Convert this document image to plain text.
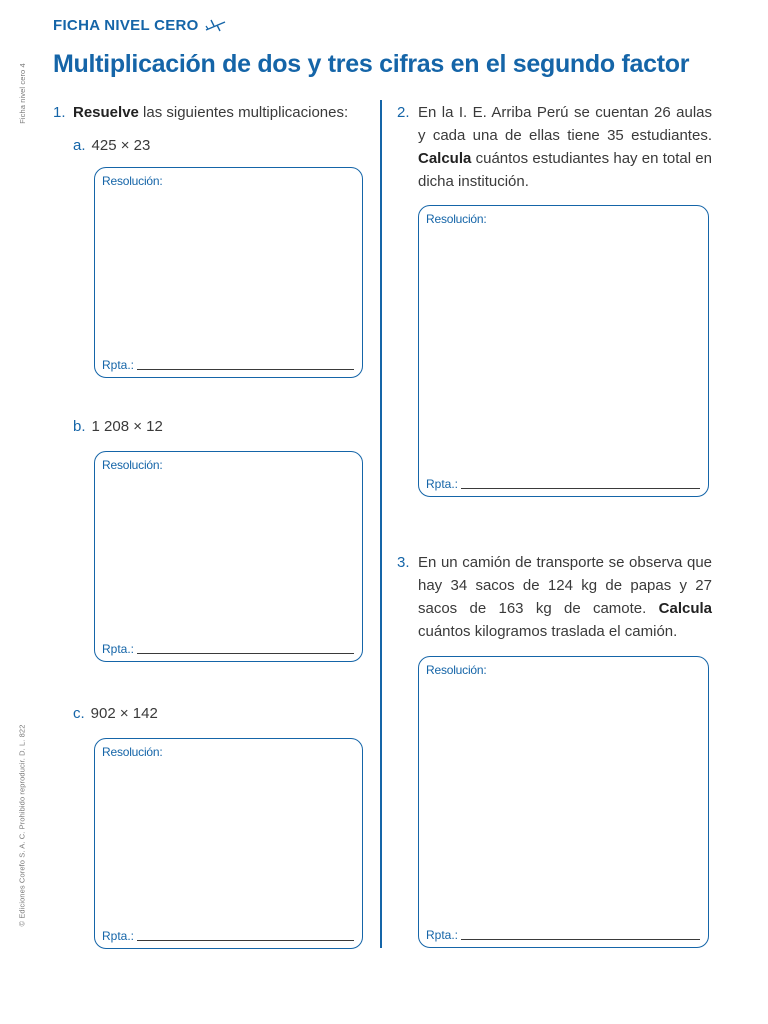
Ficha nivel cero 4
© Ediciones Corefo S. A. C. Prohibido reproducir. D. L. 822
FICHA NIVEL CERO
Multiplicación de dos y tres cifras en el segundo factor
1. Resuelve las siguientes multiplicaciones:
a. 425 × 23
Resolución:
Rpta.:
b. 1 208 × 12
Resolución:
Rpta.:
c. 902 × 142
Resolución:
Rpta.:
2. En la I. E. Arriba Perú se cuentan 26 aulas y cada una de ellas tiene 35 estudiantes. Calcula cuántos estudiantes hay en total en dicha institución.
Resolución:
Rpta.:
3. En un camión de transporte se observa que hay 34 sacos de 124 kg de papas y 27 sacos de 163 kg de camote. Calcula cuántos kilogramos traslada el camión.
Resolución:
Rpta.:
